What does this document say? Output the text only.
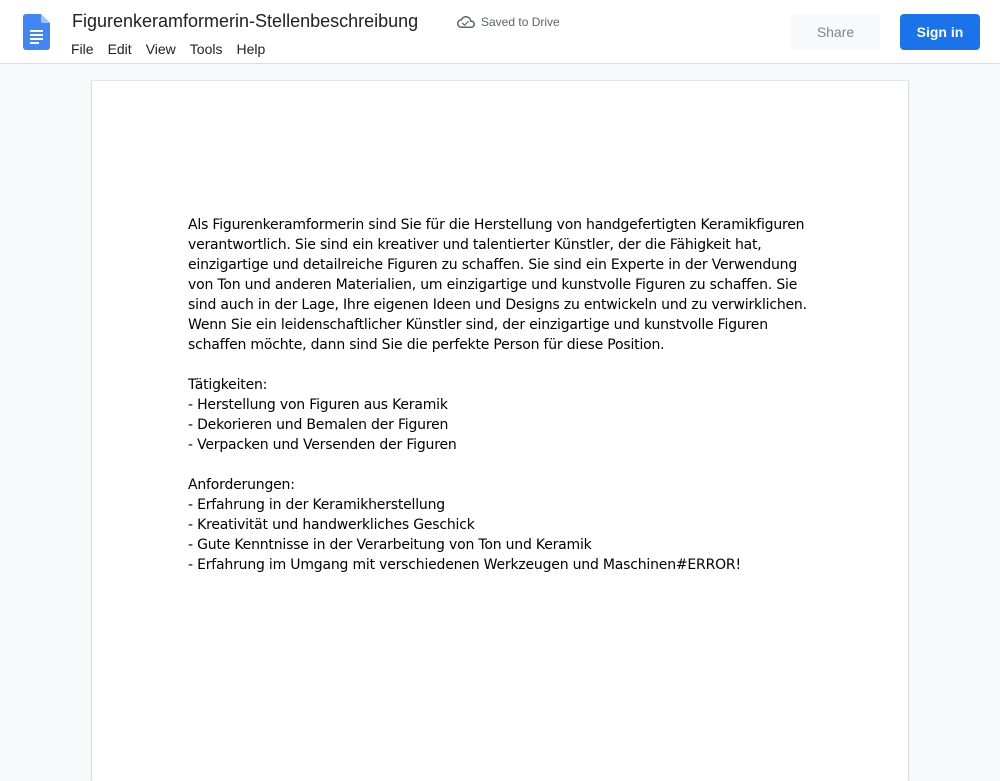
Figurenkeramformerin-Stellenbeschreibung	Saved to Drive
File	Edit	View	Tools	Help
Share	Sign in
Als Figurenkeramformerin sind Sie für die Herstellung von handgefertigten Keramikfiguren
verantwortlich. Sie sind ein kreativer und talentierter Künstler, der die Fähigkeit hat,
einzigartige und detailreiche Figuren zu schaffen. Sie sind ein Experte in der Verwendung
von Ton und anderen Materialien, um einzigartige und kunstvolle Figuren zu schaffen. Sie
sind auch in der Lage, Ihre eigenen Ideen und Designs zu entwickeln und zu verwirklichen.
Wenn Sie ein leidenschaftlicher Künstler sind, der einzigartige und kunstvolle Figuren
schaffen möchte, dann sind Sie die perfekte Person für diese Position.
Tätigkeiten:
- Herstellung von Figuren aus Keramik
- Dekorieren und Bemalen der Figuren
- Verpacken und Versenden der Figuren
Anforderungen:
- Erfahrung in der Keramikherstellung
- Kreativität und handwerkliches Geschick
- Gute Kenntnisse in der Verarbeitung von Ton und Keramik
- Erfahrung im Umgang mit verschiedenen Werkzeugen und Maschinen#ERROR!
